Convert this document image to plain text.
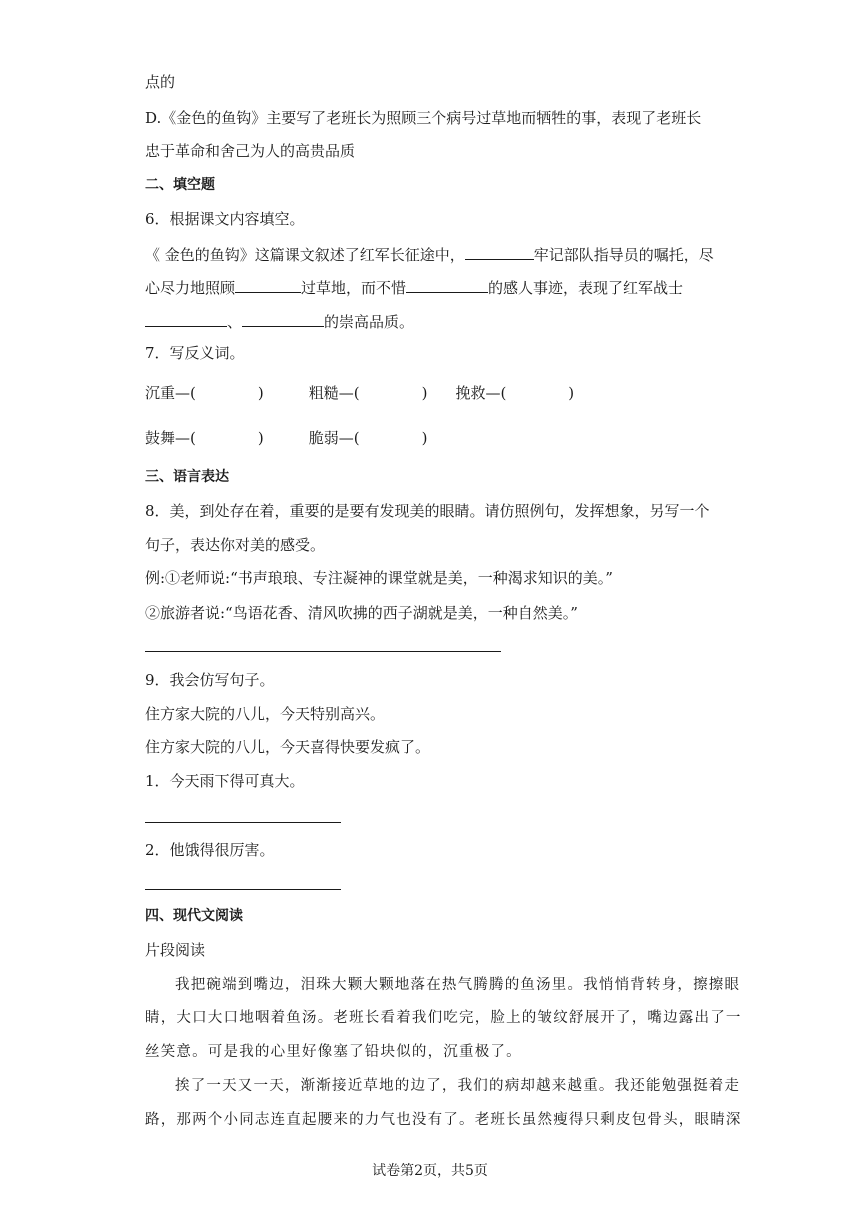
点的
D.《金色的鱼钩》主要写了老班长为照顾三个病号过草地而牺牲的事，表现了老班长
忠于革命和舍己为人的高贵品质
二、填空题
6．根据课文内容填空。
《 金色的鱼钩》这篇课文叙述了红军长征途中，	牢记部队指导员的嘱托，尽
心尽力地照顾	过草地，而不惜	的感人事迹，表现了红军战士
、	的崇高品质。
7．写反义词。
沉重—(	)	粗糙—(	) 挽救—(	)
鼓舞—(	)	脆弱—(	)
三、语言表达
8．美，到处存在着，重要的是要有发现美的眼睛。请仿照例句，发挥想象，另写一个
句子，表达你对美的感受。
例:①老师说:“书声琅琅、专注凝神的课堂就是美，一种渴求知识的美。”
②旅游者说:“鸟语花香、清风吹拂的西子湖就是美，一种自然美。”
9．我会仿写句子。
住方家大院的八儿，今天特别高兴。
住方家大院的八儿，今天喜得快要发疯了。
1．今天雨下得可真大。
2．他饿得很厉害。
四、现代文阅读
片段阅读
我把碗端到嘴边，泪珠大颗大颗地落在热气腾腾的鱼汤里。我悄悄背转身，擦擦眼
睛，大口大口地咽着鱼汤。老班长看着我们吃完，脸上的皱纹舒展开了，嘴边露出了一
丝笑意。可是我的心里好像塞了铅块似的，沉重极了。
挨了一天又一天，渐渐接近草地的边了，我们的病却越来越重。我还能勉强挺着走
路，那两个小同志连直起腰来的力气也没有了。老班长虽然瘦得只剩皮包骨头，眼睛深
试卷第2页，共5页
